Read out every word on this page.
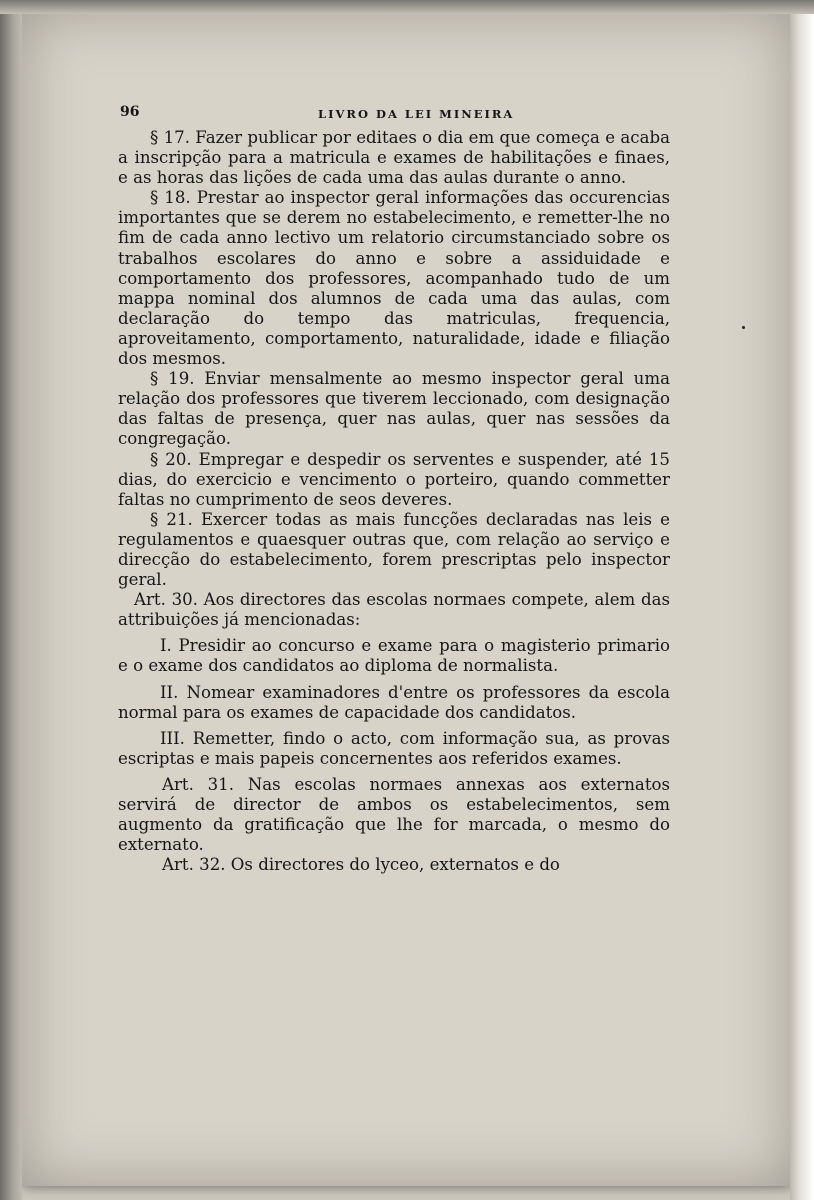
96	LIVRO DA LEI MINEIRA

§ 17. Fazer publicar por editaes o dia em que começa e acaba a inscripção para a matricula e exames de habilitações e finaes, e as horas das lições de cada uma das aulas durante o anno.

§ 18. Prestar ao inspector geral informações das occurencias importantes que se derem no estabelecimento, e remetter-lhe no fim de cada anno lectivo um relatorio circumstanciado sobre os trabalhos escolares do anno e sobre a assiduidade e comportamento dos professores, acompanhado tudo de um mappa nominal dos alumnos de cada uma das aulas, com declaração do tempo das matriculas, frequencia, aproveitamento, comportamento, naturalidade, idade e filiação dos mesmos.

§ 19. Enviar mensalmente ao mesmo inspector geral uma relação dos professores que tiverem leccionado, com designação das faltas de presença, quer nas aulas, quer nas sessões da congregação.

§ 20. Empregar e despedir os serventes e suspender, até 15 dias, do exercicio e vencimento o porteiro, quando commetter faltas no cumprimento de seos deveres.

§ 21. Exercer todas as mais funcções declaradas nas leis e regulamentos e quaesquer outras que, com relação ao serviço e direcção do estabelecimento, forem prescriptas pelo inspector geral.

Art. 30. Aos directores das escolas normaes compete, alem das attribuições já mencionadas:

I. Presidir ao concurso e exame para o magisterio primario e o exame dos candidatos ao diploma de normalista.

II. Nomear examinadores d'entre os professores da escola normal para os exames de capacidade dos candidatos.

III. Remetter, findo o acto, com informação sua, as provas escriptas e mais papeis concernentes aos referidos exames.

Art. 31. Nas escolas normaes annexas aos externatos servirá de director de ambos os estabelecimentos, sem augmento da gratificação que lhe for marcada, o mesmo do externato.

Art. 32. Os directores do lyceo, externatos e do
